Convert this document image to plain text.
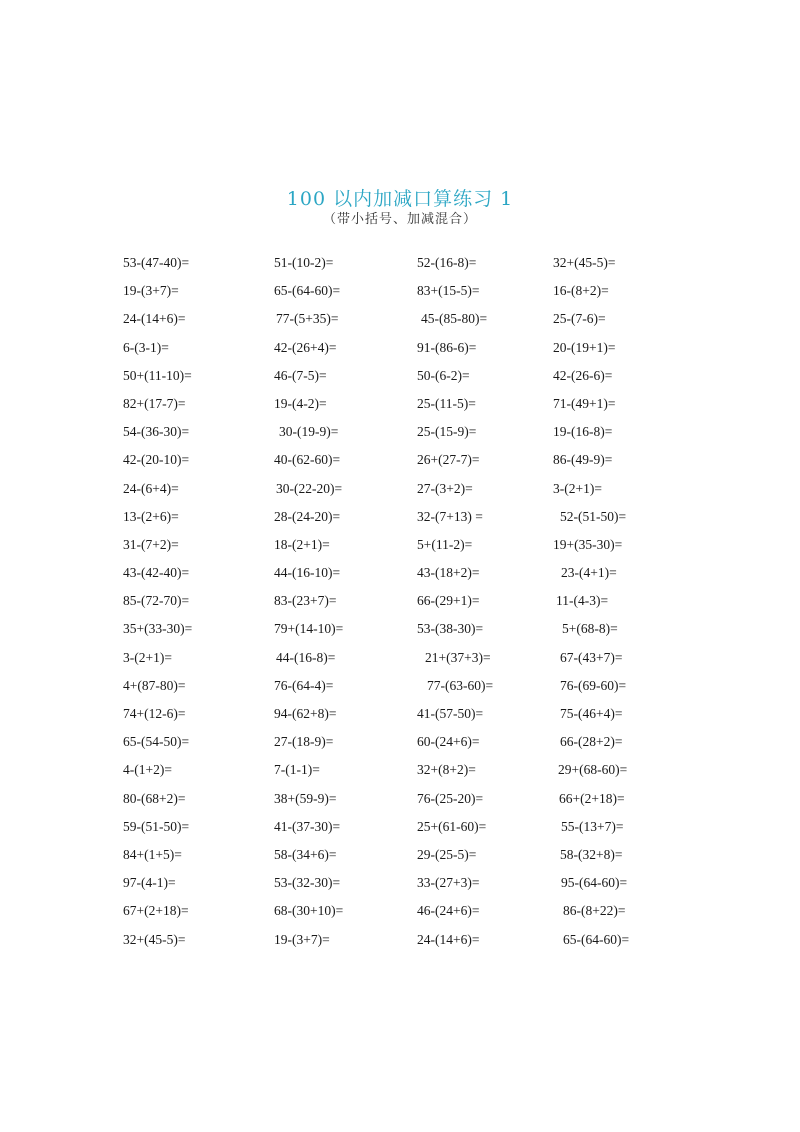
100 以内加减口算练习 1
（带小括号、加减混合）
53-(47-40)=	51-(10-2)=	52-(16-8)=	32+(45-5)=
19-(3+7)=	65-(64-60)=	83+(15-5)=	16-(8+2)=
24-(14+6)=	77-(5+35)=	45-(85-80)=	25-(7-6)=
6-(3-1)=	42-(26+4)=	91-(86-6)=	20-(19+1)=
50+(11-10)=	46-(7-5)=	50-(6-2)=	42-(26-6)=
82+(17-7)=	19-(4-2)=	25-(11-5)=	71-(49+1)=
54-(36-30)=	30-(19-9)=	25-(15-9)=	19-(16-8)=
42-(20-10)=	40-(62-60)=	26+(27-7)=	86-(49-9)=
24-(6+4)=	30-(22-20)=	27-(3+2)=	3-(2+1)=
13-(2+6)=	28-(24-20)=	32-(7+13) =	52-(51-50)=
31-(7+2)=	18-(2+1)=	5+(11-2)=	19+(35-30)=
43-(42-40)=	44-(16-10)=	43-(18+2)=	23-(4+1)=
85-(72-70)=	83-(23+7)=	66-(29+1)=	11-(4-3)=
35+(33-30)=	79+(14-10)=	53-(38-30)=	5+(68-8)=
3-(2+1)=	44-(16-8)=	21+(37+3)=	67-(43+7)=
4+(87-80)=	76-(64-4)=	77-(63-60)=	76-(69-60)=
74+(12-6)=	94-(62+8)=	41-(57-50)=	75-(46+4)=
65-(54-50)=	27-(18-9)=	60-(24+6)=	66-(28+2)=
4-(1+2)=	7-(1-1)=	32+(8+2)=	29+(68-60)=
80-(68+2)=	38+(59-9)=	76-(25-20)=	66+(2+18)=
59-(51-50)=	41-(37-30)=	25+(61-60)=	55-(13+7)=
84+(1+5)=	58-(34+6)=	29-(25-5)=	58-(32+8)=
97-(4-1)=	53-(32-30)=	33-(27+3)=	95-(64-60)=
67+(2+18)=	68-(30+10)=	46-(24+6)=	86-(8+22)=
32+(45-5)=	19-(3+7)=	24-(14+6)=	65-(64-60)=
